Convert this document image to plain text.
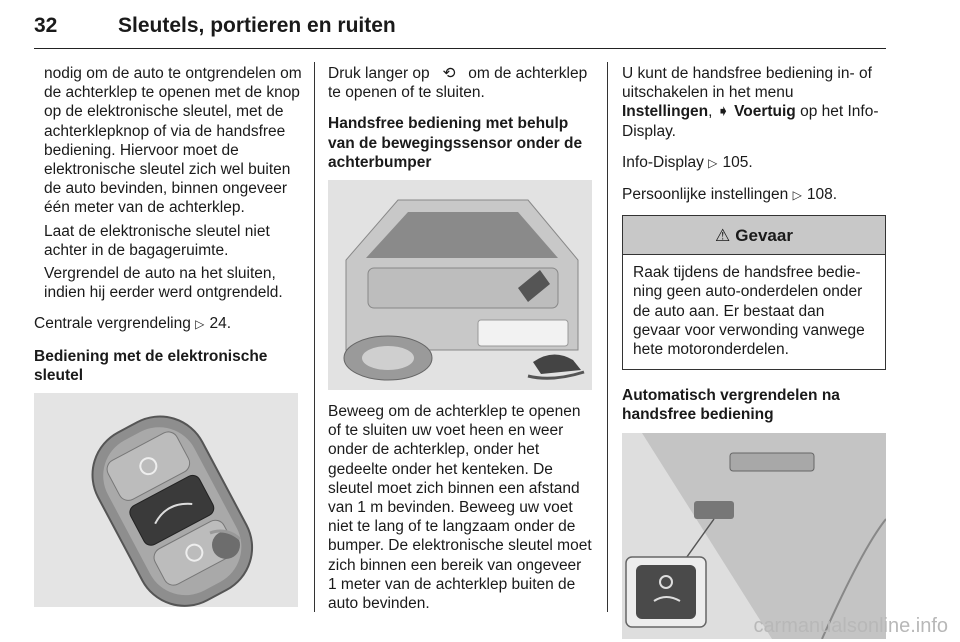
32	Sleutels, portieren en ruiten

nodig om de auto te ontgrendelen om de achterklep te openen met de knop op de elektronische sleutel, met de achterklepknop of via de handsfree bediening. Hiervoor moet de elektronische sleutel zich wel buiten de auto bevinden, binnen ongeveer één meter van de achterklep.

Laat de elektronische sleutel niet achter in de bagageruimte.

Vergrendel de auto na het sluiten, indien hij eerder werd ontgrendeld.

Centrale vergrendeling ▷ 24.

Bediening met de elektronische sleutel

Druk langer op ⟲ om de achterklep te openen of te sluiten.

Handsfree bediening met behulp van de bewegingssensor onder de achterbumper

Beweeg om de achterklep te openen of te sluiten uw voet heen en weer onder de achterklep, onder het gedeelte onder het kenteken. De sleutel moet zich binnen een afstand van 1 m bevinden. Beweeg uw voet niet te lang of te langzaam onder de bumper. De elektronische sleutel moet zich binnen een bereik van ongeveer 1 meter van de achterklep buiten de auto bevinden.

U kunt de handsfree bediening in- of uitschakelen in het menu Instellingen, ➧ Voertuig op het Info-Display.

Info-Display ▷ 105.

Persoonlijke instellingen ▷ 108.

⚠ Gevaar
Raak tijdens de handsfree bediening geen auto-onderdelen onder de auto aan. Er bestaat dan gevaar voor verwonding vanwege hete motoronderdelen.
Automatisch vergrendelen na handsfree bediening
carmanualsonline.info
